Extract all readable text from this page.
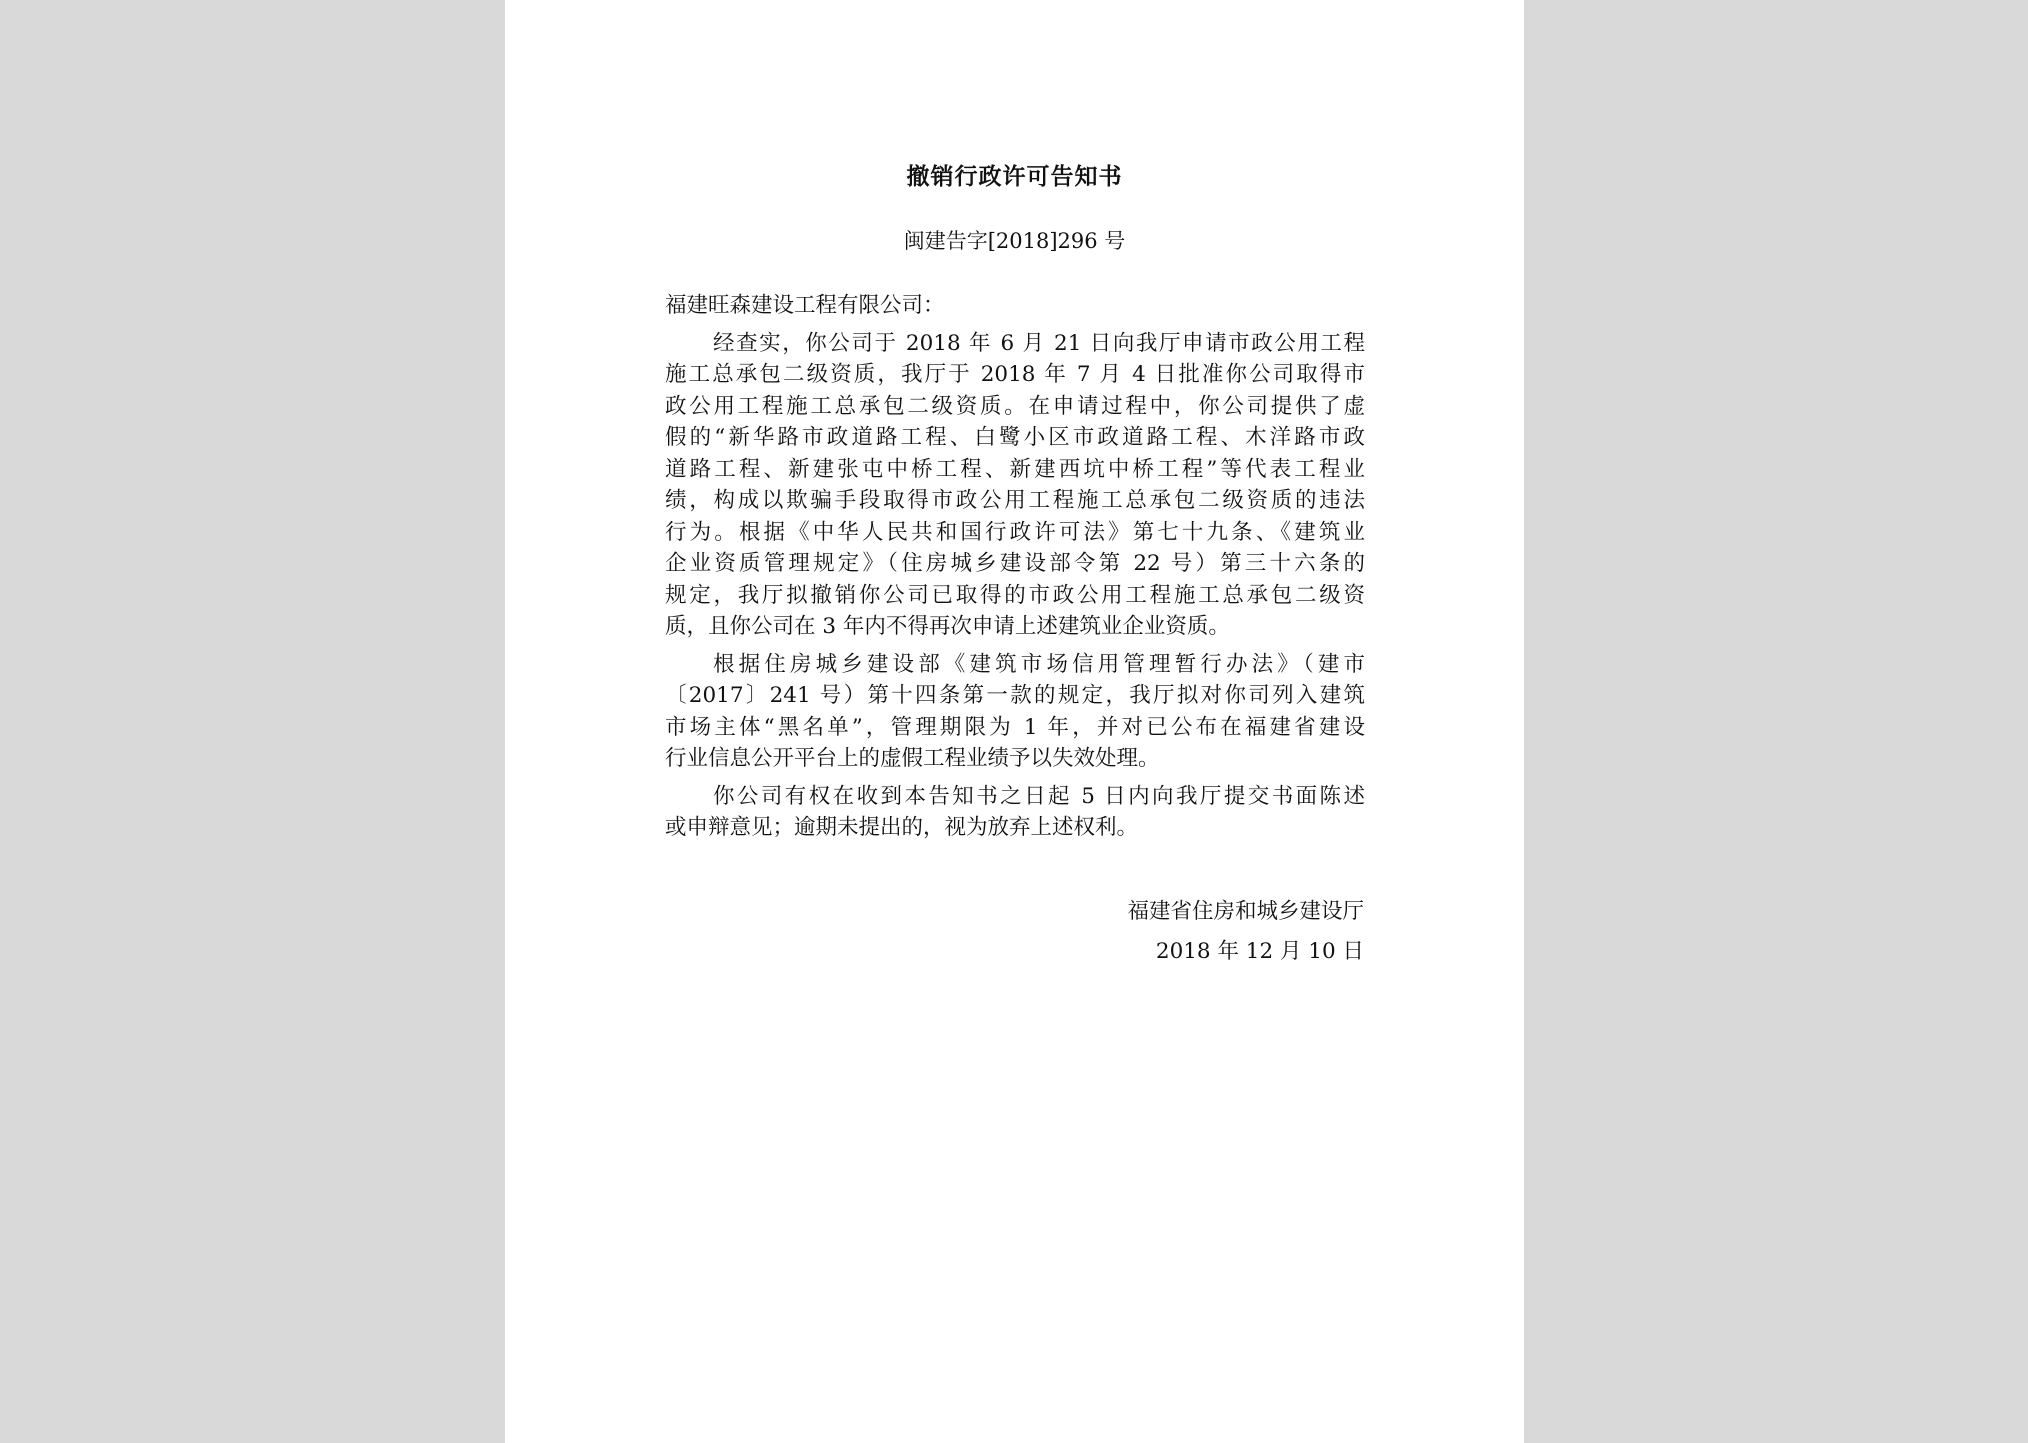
撤销行政许可告知书
闽建告字[2018]296 号
福建旺森建设工程有限公司：
经查实，你公司于 2018 年 6 月 21 日向我厅申请市政公用工程
施工总承包二级资质，我厅于 2018 年 7 月 4 日批准你公司取得市
政公用工程施工总承包二级资质。在申请过程中，你公司提供了虚
假的“新华路市政道路工程、白鹭小区市政道路工程、木洋路市政
道路工程、新建张屯中桥工程、新建西坑中桥工程”等代表工程业
绩，构成以欺骗手段取得市政公用工程施工总承包二级资质的违法
行为。根据《中华人民共和国行政许可法》第七十九条、《建筑业
企业资质管理规定》（住房城乡建设部令第 22 号）第三十六条的
规定，我厅拟撤销你公司已取得的市政公用工程施工总承包二级资
质，且你公司在 3 年内不得再次申请上述建筑业企业资质。
根据住房城乡建设部《建筑市场信用管理暂行办法》（建市
〔2017〕241 号）第十四条第一款的规定，我厅拟对你司列入建筑
市场主体“黑名单”，管理期限为 1 年，并对已公布在福建省建设
行业信息公开平台上的虚假工程业绩予以失效处理。
你公司有权在收到本告知书之日起 5 日内向我厅提交书面陈述
或申辩意见；逾期未提出的，视为放弃上述权利。
福建省住房和城乡建设厅
2018 年 12 月 10 日
